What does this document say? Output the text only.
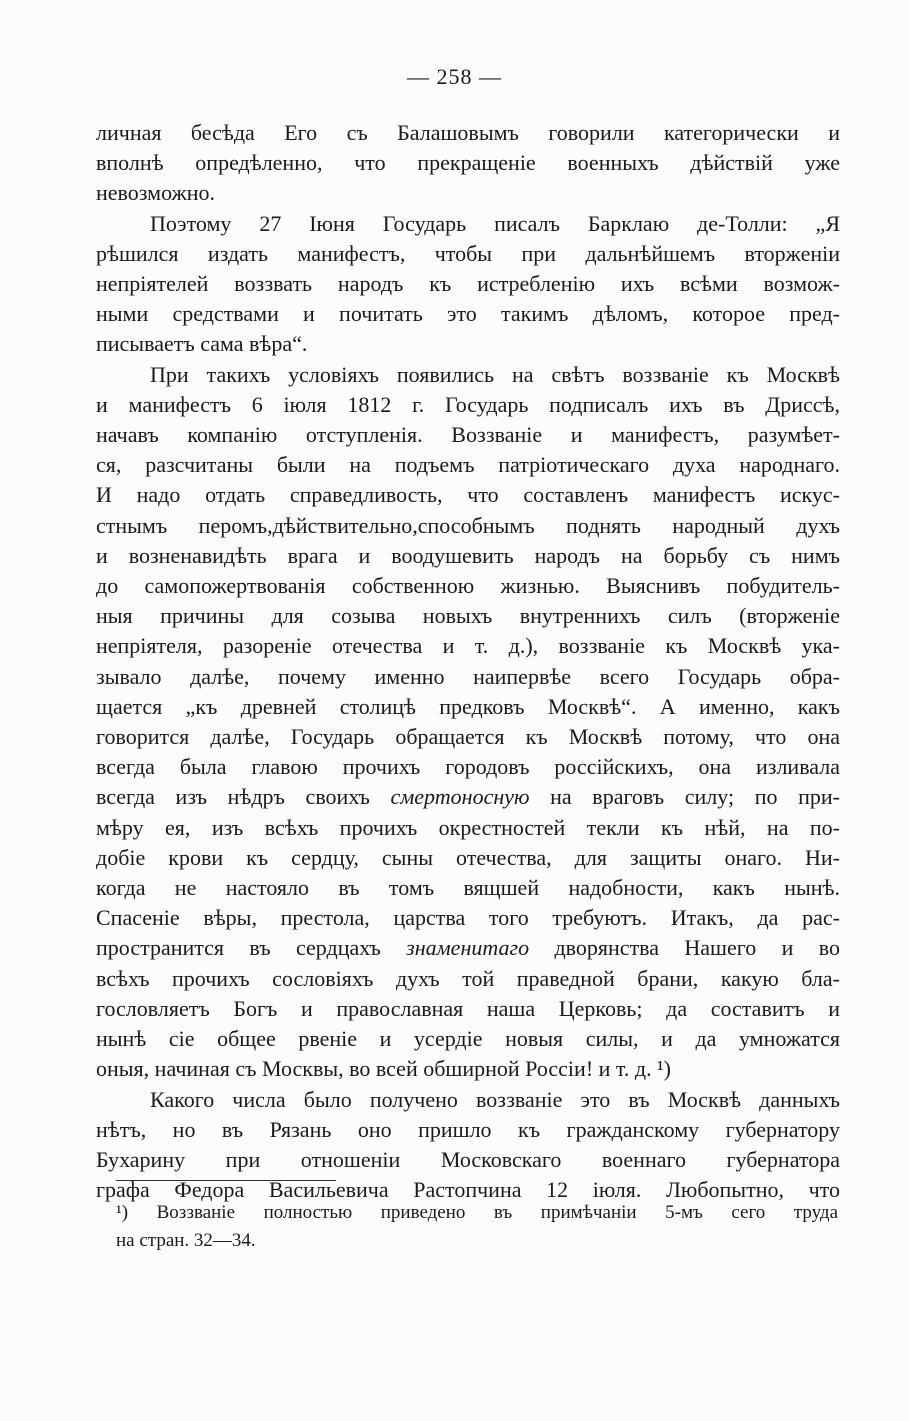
— 258 —

личная бесѣда Его съ Балашовымъ говорили категорически и
вполнѣ опредѣленно, что прекращеніе военныхъ дѣйствій уже
невозможно.

Поэтому 27 Іюня Государь писалъ Барклаю де-Толли: „Я
рѣшился издать манифестъ, чтобы при дальнѣйшемъ вторженіи
непріятелей воззвать народъ къ истребленію ихъ всѣми возмож-
ными средствами и почитать это такимъ дѣломъ, которое пред-
писываетъ сама вѣра“.

При такихъ условіяхъ появились на свѣтъ воззваніе къ Москвѣ
и манифестъ 6 іюля 1812 г. Государь подписалъ ихъ въ Дриссѣ,
начавъ компанію отступленія. Воззваніе и манифестъ, разумѣет-
ся, разсчитаны были на подъемъ патріотическаго духа народнаго.
И надо отдать справедливость, что составленъ манифестъ искус-
стнымъ перомъ,дѣйствительно,способнымъ поднять народный духъ
и возненавидѣть врага и воодушевить народъ на борьбу съ нимъ
до самопожертвованія собственною жизнью. Выяснивъ побудитель-
ныя причины для созыва новыхъ внутреннихъ силъ (вторженіе
непріятеля, разореніе отечества и т. д.), воззваніе къ Москвѣ ука-
зывало далѣе, почему именно наипервѣе всего Государь обра-
щается „къ древней столицѣ предковъ Москвѣ“. А именно, какъ
говорится далѣе, Государь обращается къ Москвѣ потому, что она
всегда была главою прочихъ городовъ россійскихъ, она изливала
всегда изъ нѣдръ своихъ смертоносную на враговъ силу; по при-
мѣру ея, изъ всѣхъ прочихъ окрестностей текли къ нѣй, на по-
добіе крови къ сердцу, сыны отечества, для защиты онаго. Ни-
когда не настояло въ томъ вящшей надобности, какъ нынѣ.
Спасеніе вѣры, престола, царства того требуютъ. Итакъ, да рас-
пространится въ сердцахъ знаменитаго дворянства Нашего и во
всѣхъ прочихъ сословіяхъ духъ той праведной брани, какую бла-
гословляетъ Богъ и православная наша Церковь; да составитъ и
нынѣ сіе общее рвеніе и усердіе новыя силы, и да умножатся
оныя, начиная съ Москвы, во всей обширной Россіи! и т. д. ¹)

Какого числа было получено воззваніе это въ Москвѣ данныхъ
нѣтъ, но въ Рязань оно пришло къ гражданскому губернатору
Бухарину при отношеніи Московскаго военнаго губернатора
графа Федора Васильевича Растопчина 12 іюля. Любопытно, что

¹) Воззваніе полностью приведено въ примѣчаніи 5-мъ сего труда
на стран. 32—34.
